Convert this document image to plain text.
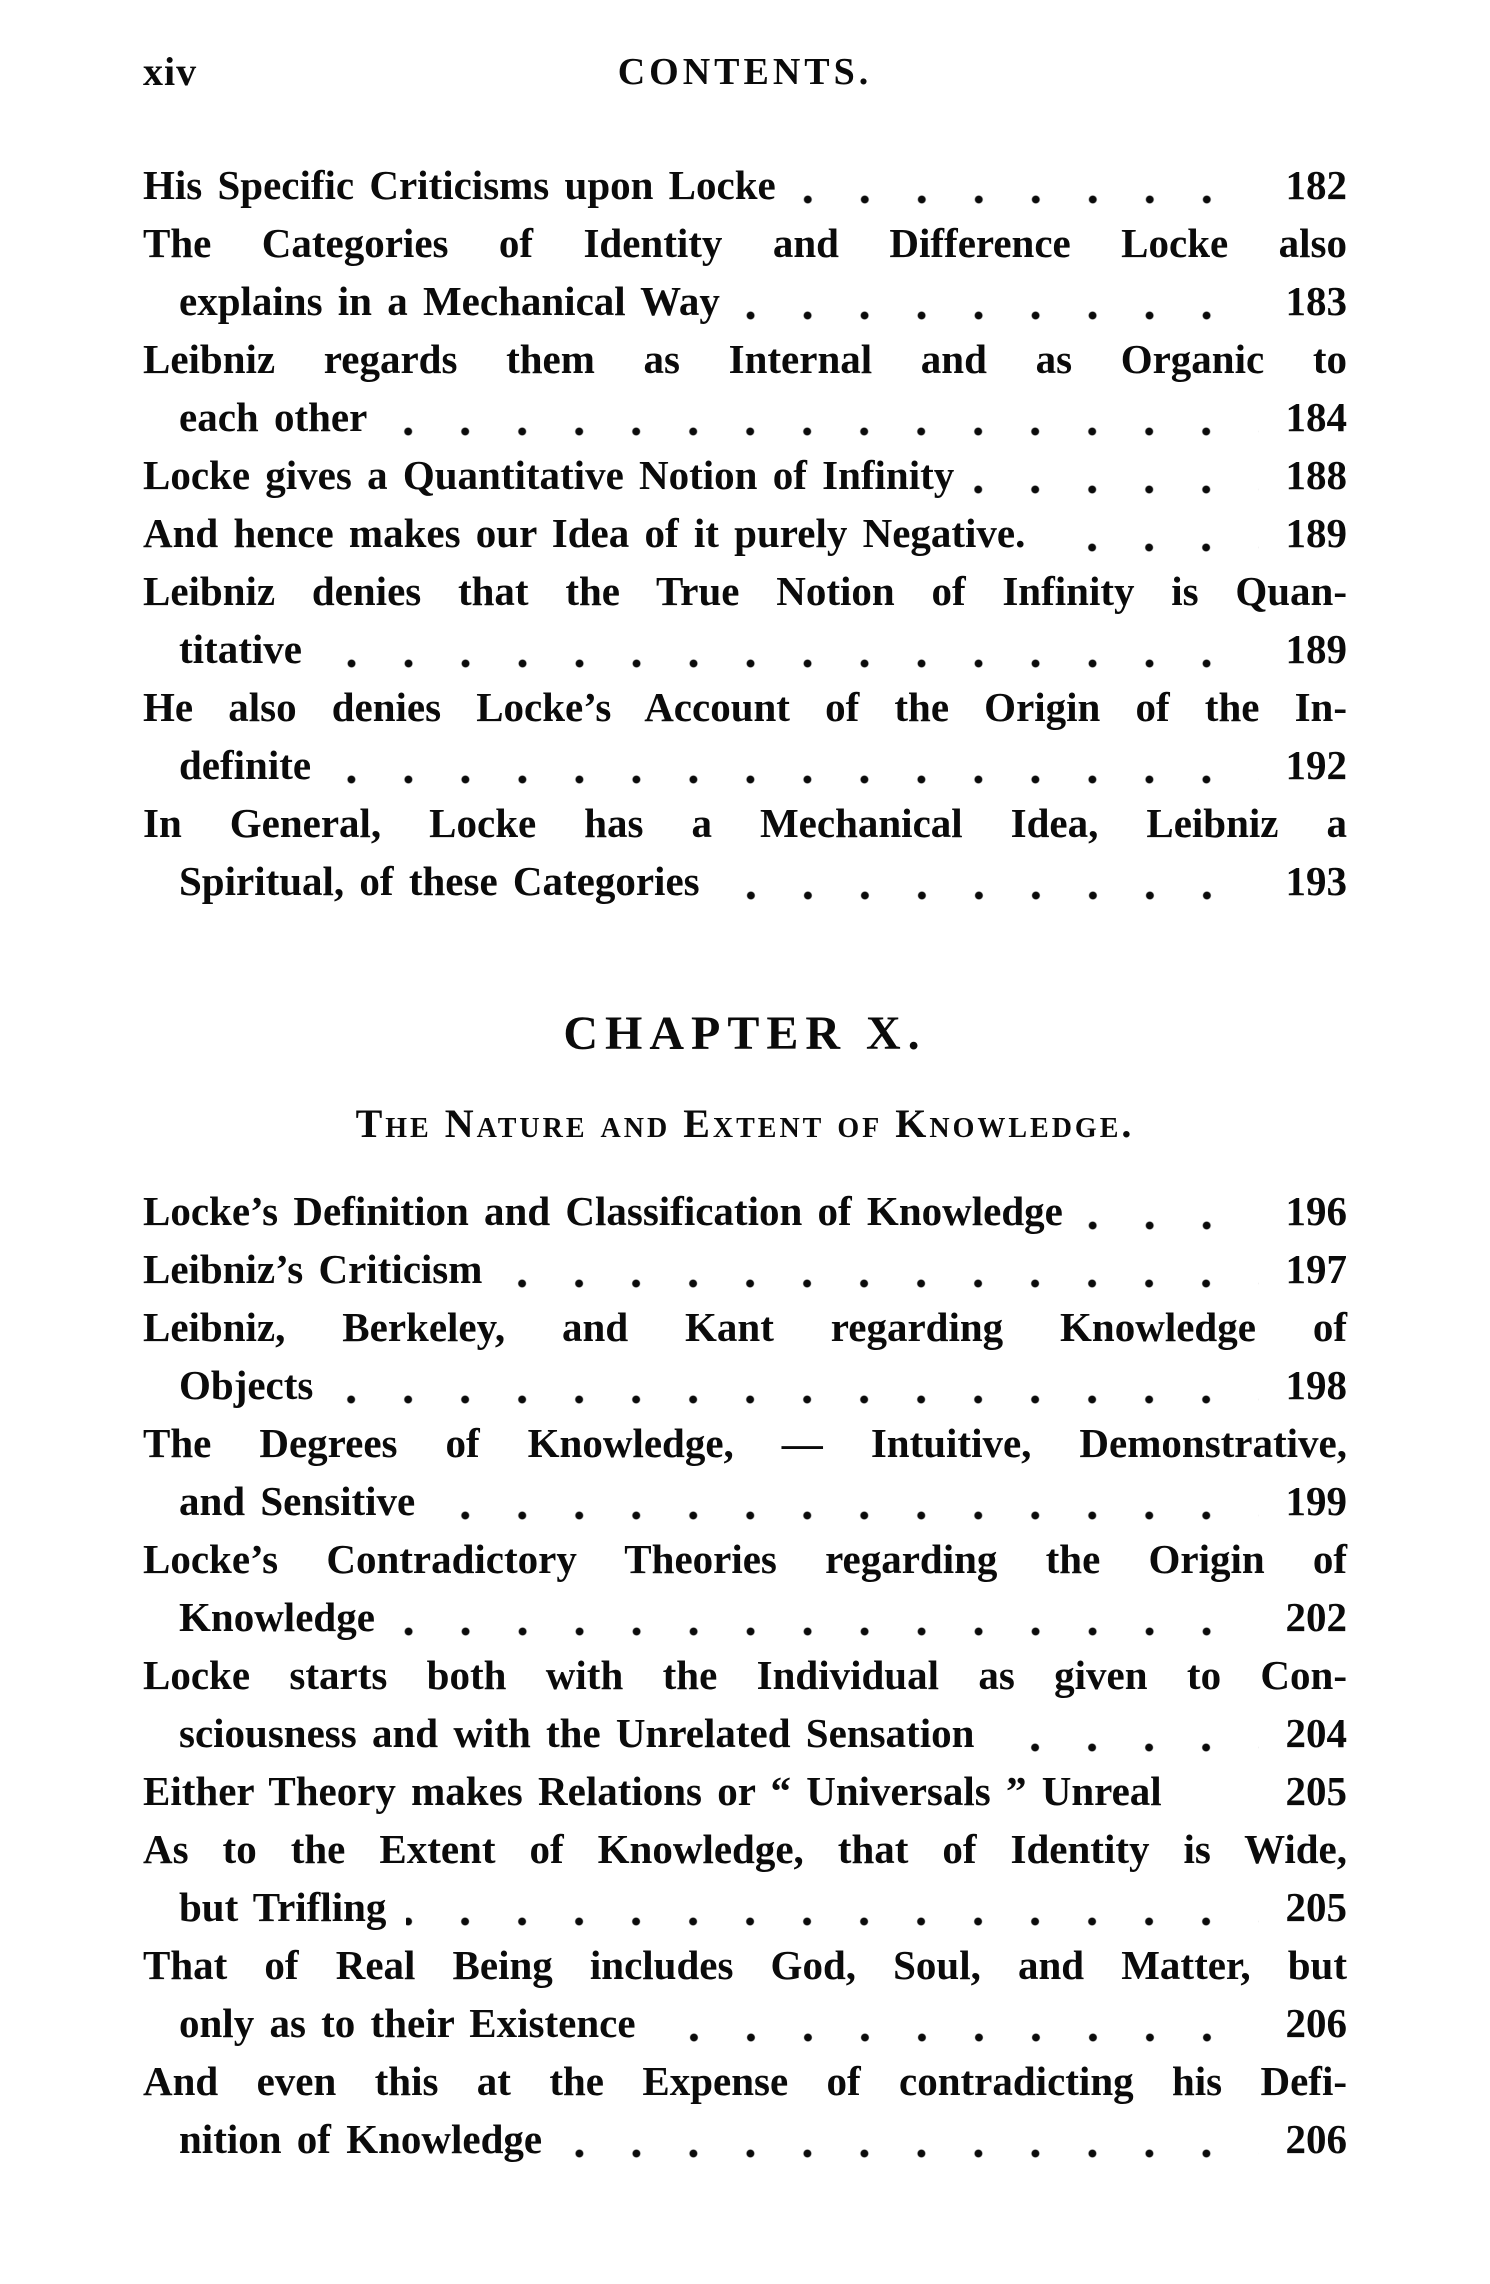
xiv	CONTENTS.
His Specific Criticisms upon Locke	182
The Categories of Identity and Difference Locke also
explains in a Mechanical Way	183
Leibniz regards them as Internal and as Organic to
each other	184
Locke gives a Quantitative Notion of Infinity	188
And hence makes our Idea of it purely Negative.	189
Leibniz denies that the True Notion of Infinity is Quan-
titative	189
He also denies Locke’s Account of the Origin of the In-
definite	192
In General, Locke has a Mechanical Idea, Leibniz a
Spiritual, of these Categories	193
CHAPTER X.
The Nature and Extent of Knowledge.
Locke’s Definition and Classification of Knowledge	196
Leibniz’s Criticism	197
Leibniz, Berkeley, and Kant regarding Knowledge of
Objects	198
The Degrees of Knowledge, — Intuitive, Demonstrative,
and Sensitive	199
Locke’s Contradictory Theories regarding the Origin of
Knowledge	202
Locke starts both with the Individual as given to Con-
sciousness and with the Unrelated Sensation	204
Either Theory makes Relations or “ Universals ” Unreal	205
As to the Extent of Knowledge, that of Identity is Wide,
but Trifling	205
That of Real Being includes God, Soul, and Matter, but
only as to their Existence	206
And even this at the Expense of contradicting his Defi-
nition of Knowledge	206
